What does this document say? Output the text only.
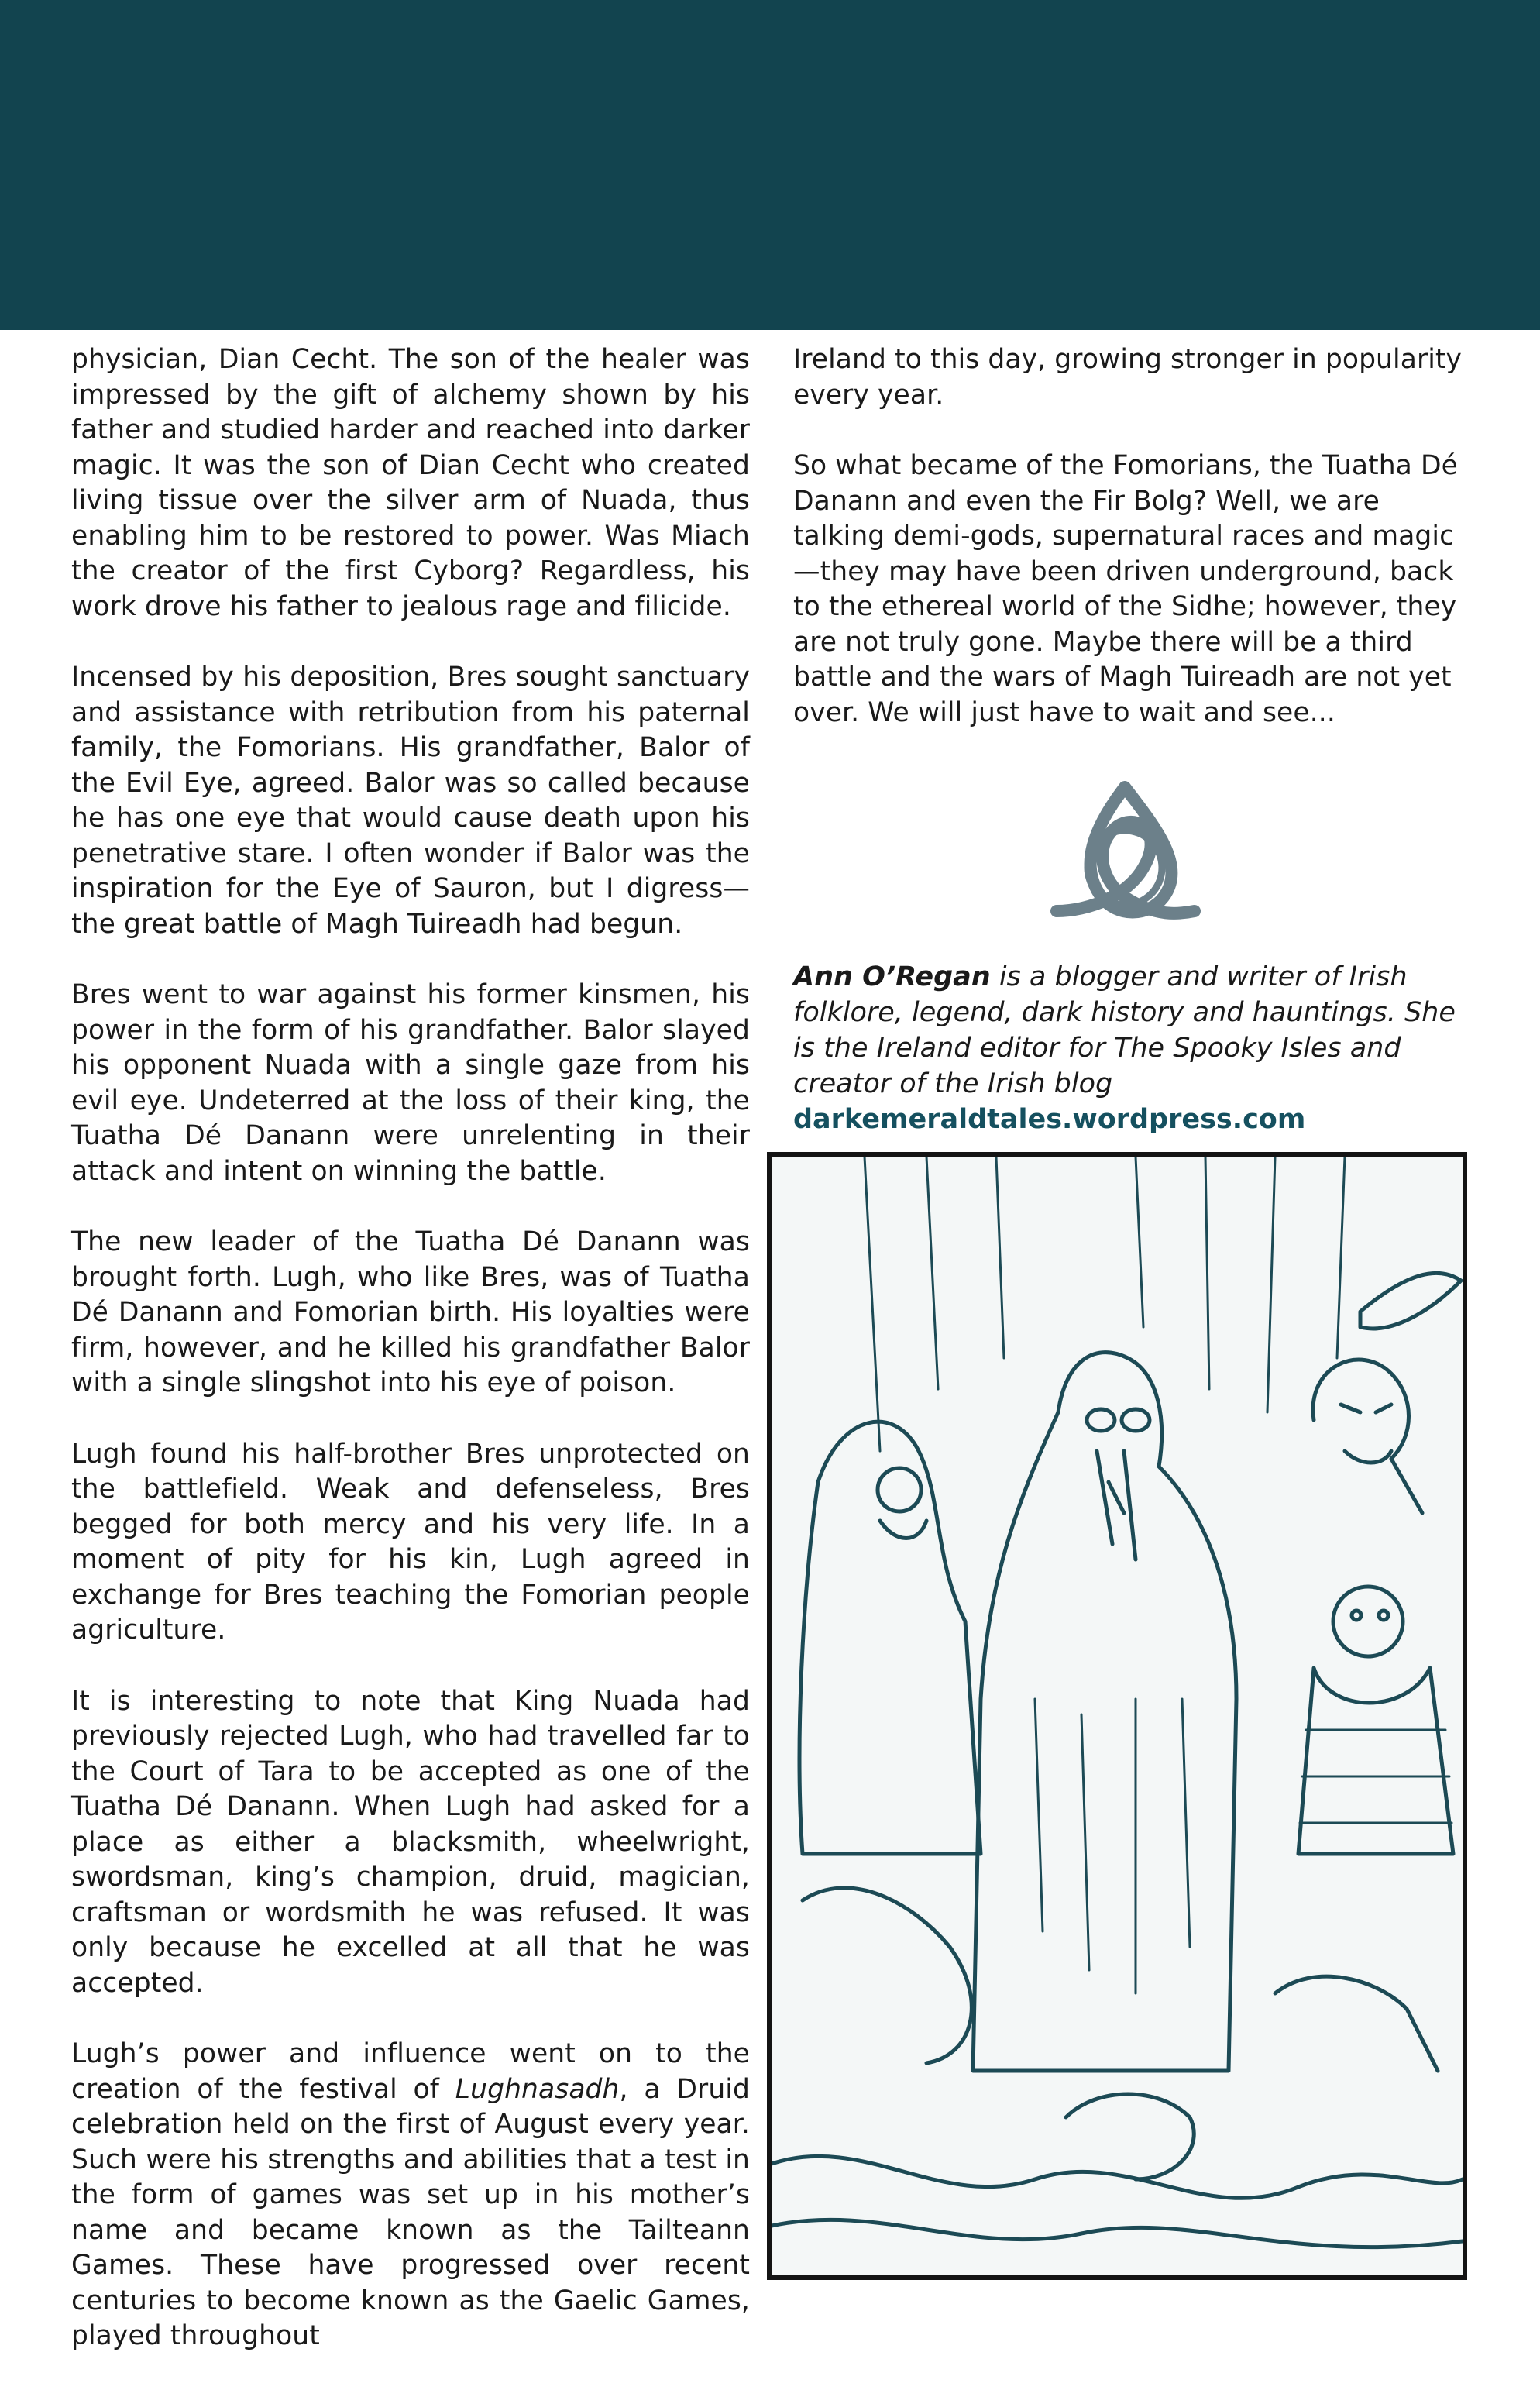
physician, Dian Cecht. The son of the healer was impressed by the gift of alchemy shown by his father and studied harder and reached into darker magic. It was the son of Dian Cecht who created living tissue over the silver arm of Nuada, thus enabling him to be restored to power. Was Miach the creator of the first Cyborg? Regardless, his work drove his father to jealous rage and filicide.

Incensed by his deposition, Bres sought sanctuary and assistance with retribution from his paternal family, the Fomorians. His grandfather, Balor of the Evil Eye, agreed. Balor was so called because he has one eye that would cause death upon his penetrative stare. I often wonder if Balor was the inspiration for the Eye of Sauron, but I digress—the great battle of Magh Tuireadh had begun.

Bres went to war against his former kinsmen, his power in the form of his grandfather. Balor slayed his opponent Nuada with a single gaze from his evil eye. Undeterred at the loss of their king, the Tuatha Dé Danann were unrelenting in their attack and intent on winning the battle.

The new leader of the Tuatha Dé Danann was brought forth. Lugh, who like Bres, was of Tuatha Dé Danann and Fomorian birth. His loyalties were firm, however, and he killed his grandfather Balor with a single slingshot into his eye of poison.

Lugh found his half-brother Bres unprotected on the battlefield. Weak and defenseless, Bres begged for both mercy and his very life. In a moment of pity for his kin, Lugh agreed in exchange for Bres teaching the Fomorian people agriculture.

It is interesting to note that King Nuada had previously rejected Lugh, who had travelled far to the Court of Tara to be accepted as one of the Tuatha Dé Danann. When Lugh had asked for a place as either a blacksmith, wheelwright, swordsman, king’s champion, druid, magician, craftsman or wordsmith he was refused. It was only because he excelled at all that he was accepted.

Lugh’s power and influence went on to the creation of the festival of Lughnasadh, a Druid celebration held on the first of August every year. Such were his strengths and abilities that a test in the form of games was set up in his mother’s name and became known as the Tailteann Games. These have progressed over recent centuries to become known as the Gaelic Games, played throughout

Ireland to this day, growing stronger in popularity every year.

So what became of the Fomorians, the Tuatha Dé Danann and even the Fir Bolg? Well, we are talking demi-gods, supernatural races and magic—they may have been driven underground, back to the ethereal world of the Sidhe; however, they are not truly gone. Maybe there will be a third battle and the wars of Magh Tuireadh are not yet over. We will just have to wait and see...

Ann O’Regan is a blogger and writer of Irish folklore, legend, dark history and hauntings. She is the Ireland editor for The Spooky Isles and creator of the Irish blog darkemeraldtales.wordpress.com
